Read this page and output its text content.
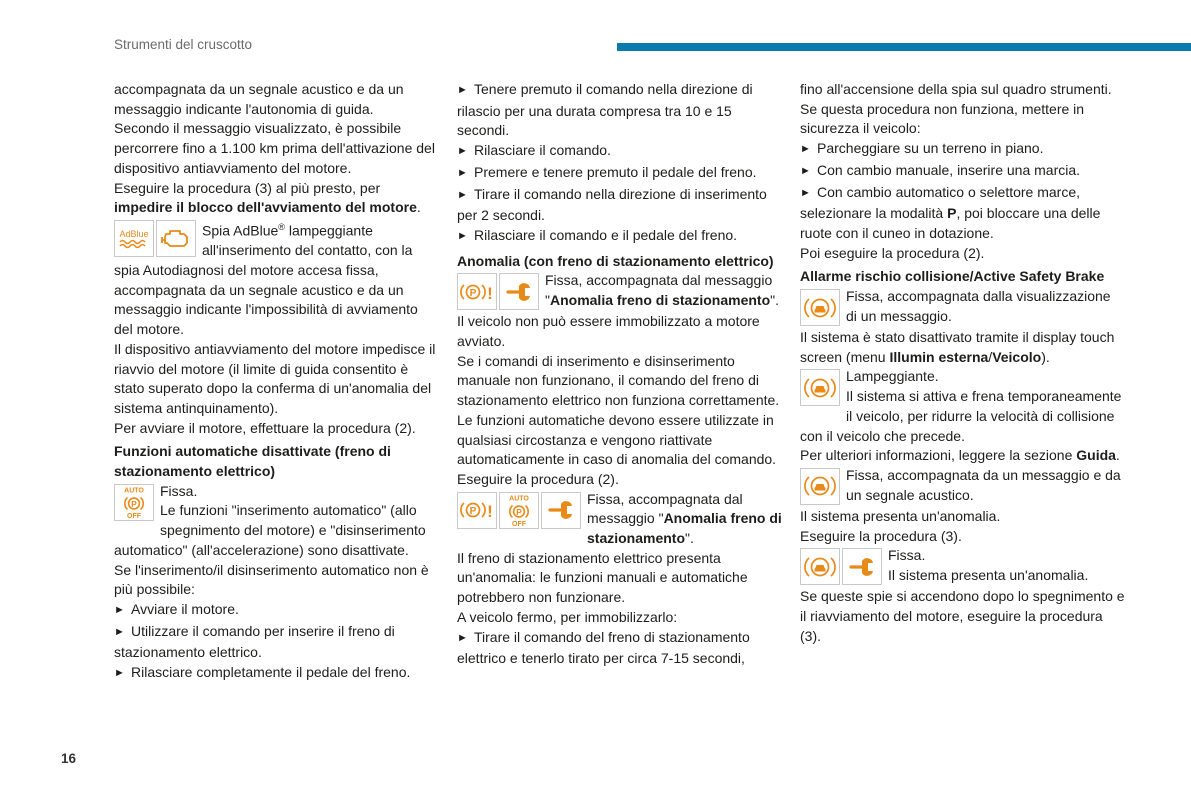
Strumenti del cruscotto

accompagnata da un segnale acustico e da un messaggio indicante l'autonomia di guida.

Secondo il messaggio visualizzato, è possibile percorrere fino a 1.100 km prima dell'attivazione del dispositivo antiavviamento del motore.

Eseguire la procedura (3) al più presto, per impedire il blocco dell'avviamento del motore.

AdBlue	Spia AdBlue® lampeggiante all'inserimento del contatto, con la spia Autodiagnosi del motore accesa fissa, accompagnata da un segnale acustico e da un messaggio indicante l'impossibilità di avviamento del motore.

Il dispositivo antiavviamento del motore impedisce il riavvio del motore (il limite di guida consentito è stato superato dopo la conferma di un'anomalia del sistema antinquinamento).

Per avviare il motore, effettuare la procedura (2).

Funzioni automatiche disattivate (freno di stazionamento elettrico)

AUTO
P
OFF

Fissa.

Le funzioni "inserimento automatico" (allo spegnimento del motore) e "disinserimento automatico" (all'accelerazione) sono disattivate.

Se l'inserimento/il disinserimento automatico non è più possibile:

►  Avviare il motore.

►  Utilizzare il comando per inserire il freno di stazionamento elettrico.

►  Rilasciare completamente il pedale del freno.

►  Tenere premuto il comando nella direzione di rilascio per una durata compresa tra 10 e 15 secondi.

►  Rilasciare il comando.

►  Premere e tenere premuto il pedale del freno.

►  Tirare il comando nella direzione di inserimento per 2 secondi.

►  Rilasciare il comando e il pedale del freno.

Anomalia (con freno di stazionamento elettrico)

P !

Fissa, accompagnata dal messaggio "Anomalia freno di stazionamento".

Il veicolo non può essere immobilizzato a motore avviato.

Se i comandi di inserimento e disinserimento manuale non funzionano, il comando del freno di stazionamento elettrico non funziona correttamente.

Le funzioni automatiche devono essere utilizzate in qualsiasi circostanza e vengono riattivate automaticamente in caso di anomalia del comando.

Eseguire la procedura (2).

P !
AUTO
P
OFF

Fissa, accompagnata dal messaggio "Anomalia freno di stazionamento".

Il freno di stazionamento elettrico presenta un'anomalia: le funzioni manuali e automatiche potrebbero non funzionare.

A veicolo fermo, per immobilizzarlo:

►  Tirare il comando del freno di stazionamento elettrico e tenerlo tirato per circa 7-15 secondi,

fino all'accensione della spia sul quadro strumenti.

Se questa procedura non funziona, mettere in sicurezza il veicolo:

►  Parcheggiare su un terreno in piano.

►  Con cambio manuale, inserire una marcia.

►  Con cambio automatico o selettore marce, selezionare la modalità P, poi bloccare una delle ruote con il cuneo in dotazione.

Poi eseguire la procedura (2).

Allarme rischio collisione/Active Safety Brake

Fissa, accompagnata dalla visualizzazione di un messaggio.

Il sistema è stato disattivato tramite il display touch screen (menu Illumin esterna/Veicolo).

Lampeggiante.

Il sistema si attiva e frena temporaneamente il veicolo, per ridurre la velocità di collisione con il veicolo che precede.

Per ulteriori informazioni, leggere la sezione Guida.

Fissa, accompagnata da un messaggio e da un segnale acustico.

Il sistema presenta un'anomalia.

Eseguire la procedura (3).

Fissa.

Il sistema presenta un'anomalia.

Se queste spie si accendono dopo lo spegnimento e il riavviamento del motore, eseguire la procedura (3).

16
